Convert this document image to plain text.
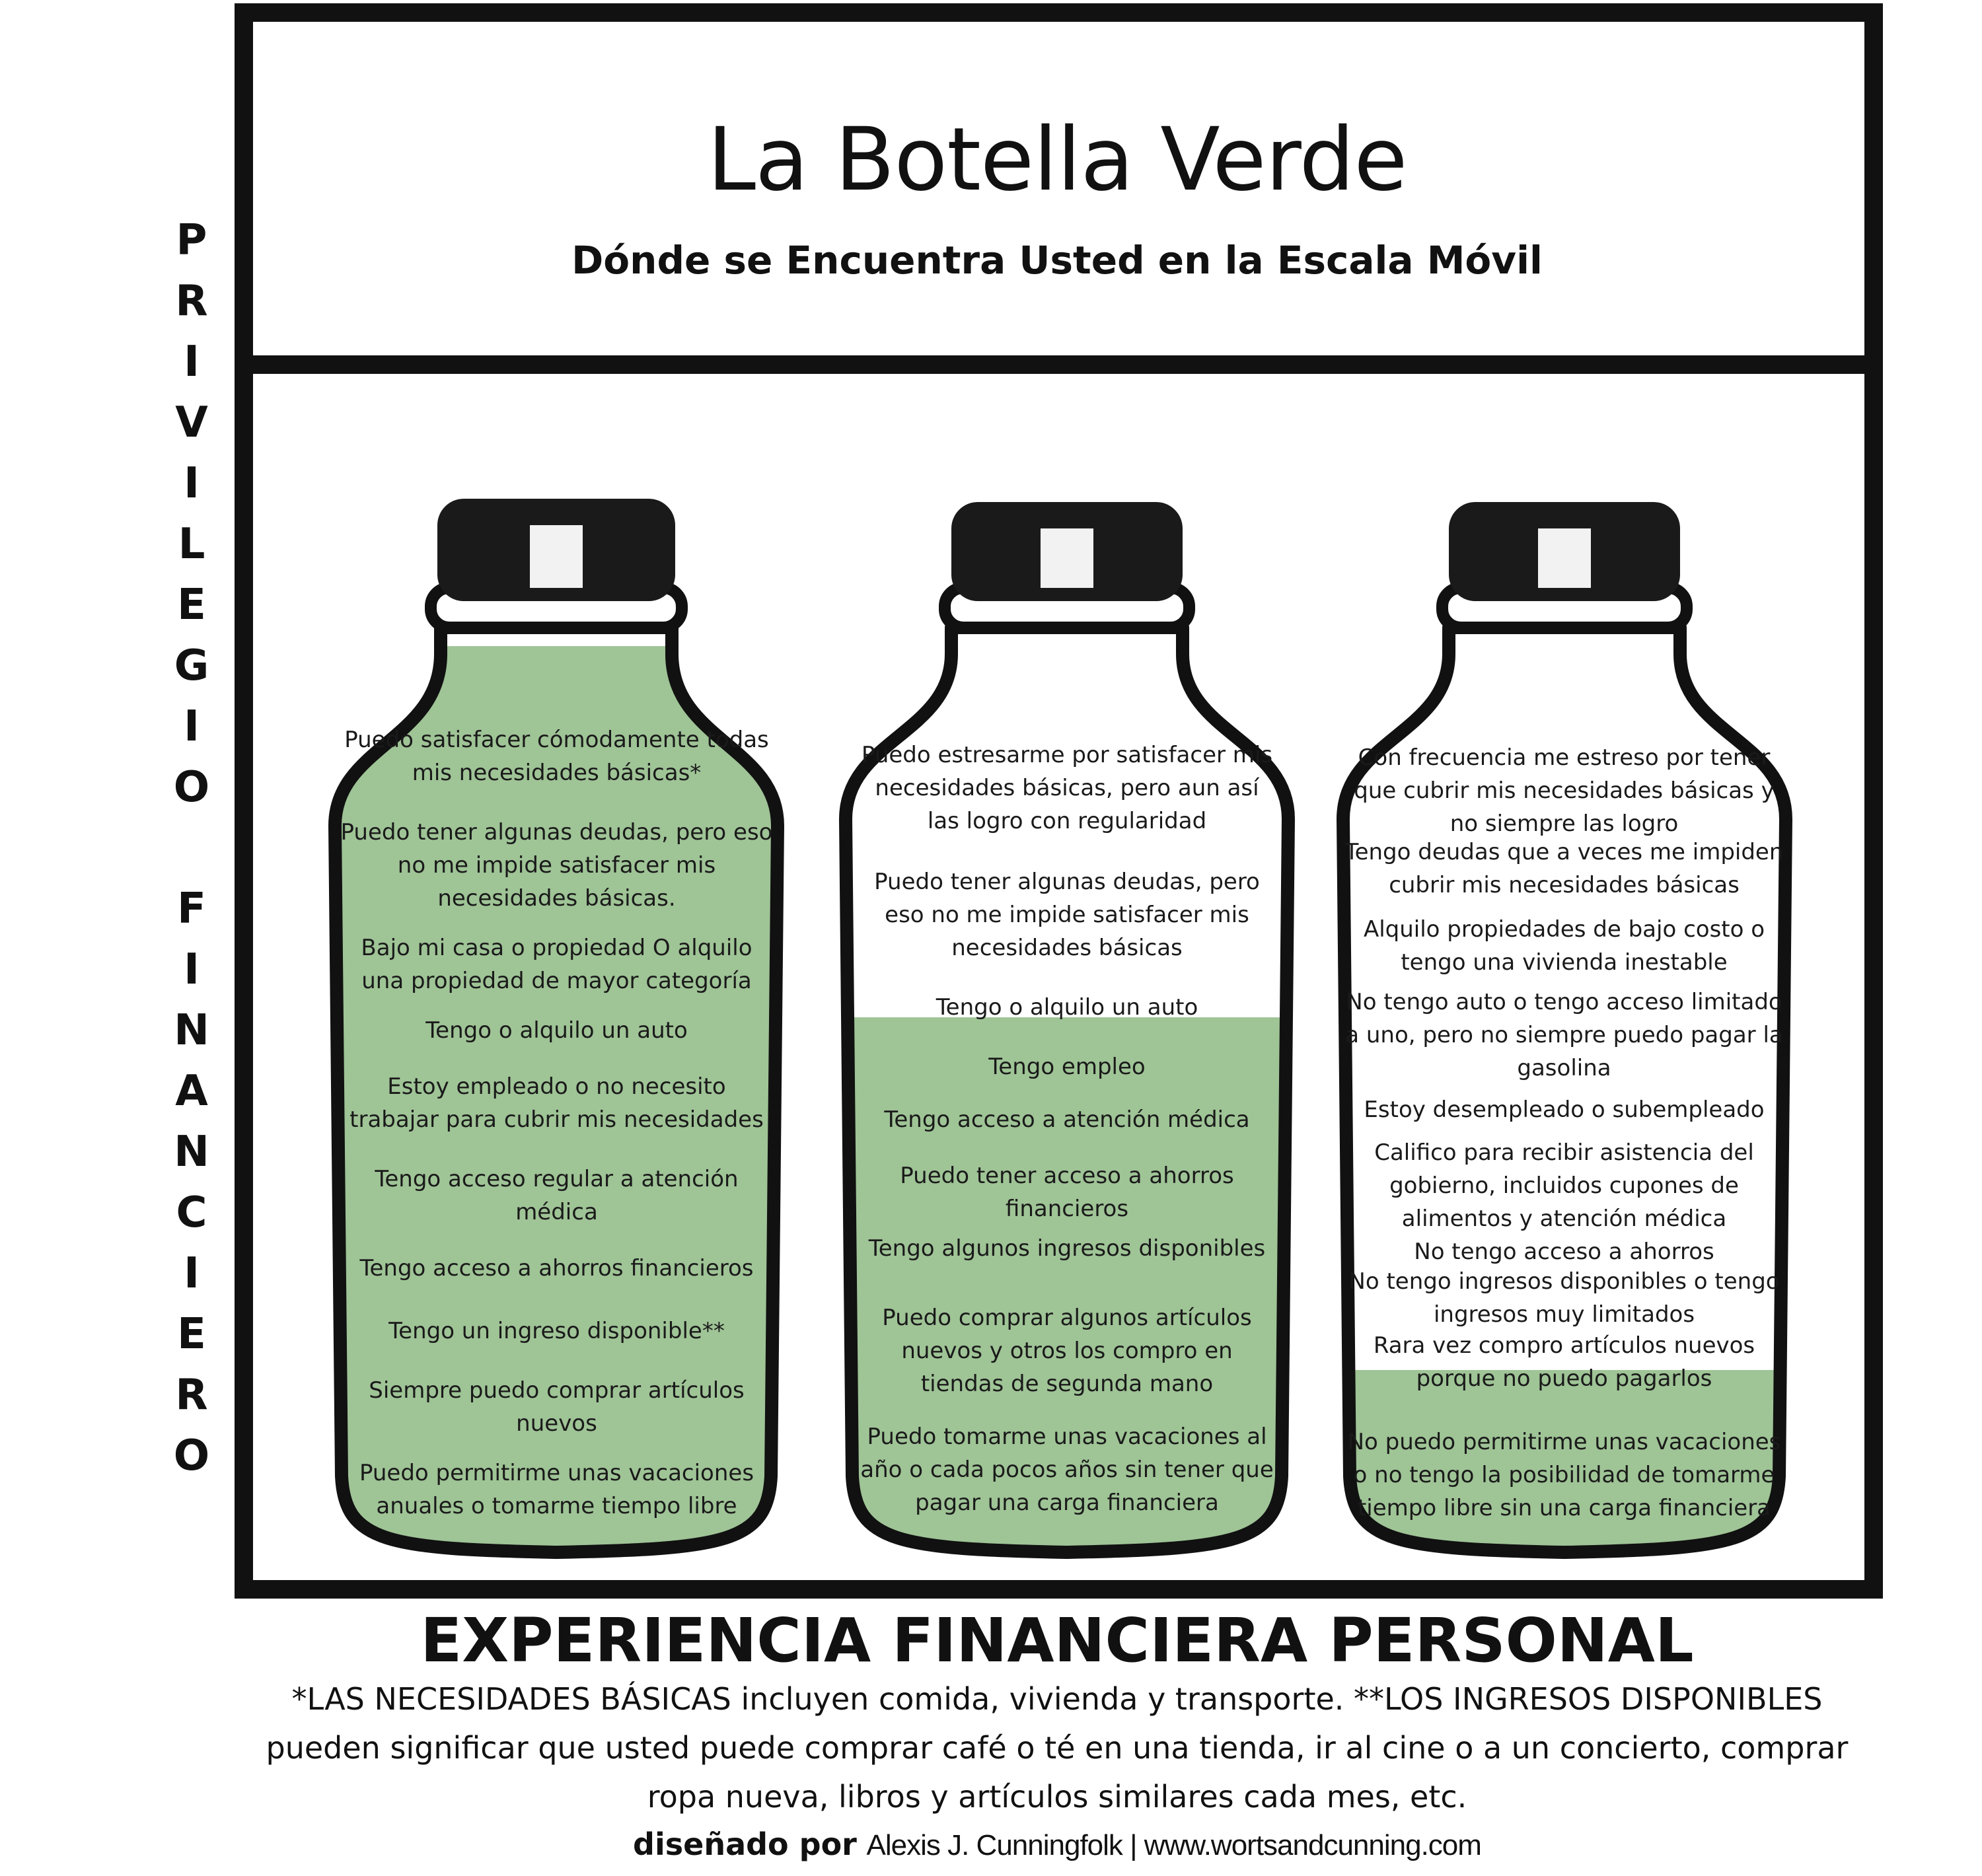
La Botella Verde
Dónde se Encuentra Usted en la Escala Móvil
P
R
I
V
I
L
E
G
I
O
F
I
N
A
N
C
I
E
R
O
Puedo satisfacer cómodamente todas mis necesidades básicas*
Puedo tener algunas deudas, pero eso no me impide satisfacer mis necesidades básicas.
Bajo mi casa o propiedad O alquilo una propiedad de mayor categoría
Tengo o alquilo un auto
Estoy empleado o no necesito trabajar para cubrir mis necesidades
Tengo acceso regular a atención médica
Tengo acceso a ahorros financieros
Tengo un ingreso disponible**
Siempre puedo comprar artículos nuevos
Puedo permitirme unas vacaciones anuales o tomarme tiempo libre
Puedo estresarme por satisfacer mis necesidades básicas, pero aun así las logro con regularidad
Puedo tener algunas deudas, pero eso no me impide satisfacer mis necesidades básicas
Tengo o alquilo un auto
Tengo empleo
Tengo acceso a atención médica
Puedo tener acceso a ahorros financieros
Tengo algunos ingresos disponibles
Puedo comprar algunos artículos nuevos y otros los compro en tiendas de segunda mano
Puedo tomarme unas vacaciones al año o cada pocos años sin tener que pagar una carga financiera
Con frecuencia me estreso por tener que cubrir mis necesidades básicas y no siempre las logro
Tengo deudas que a veces me impiden cubrir mis necesidades básicas
Alquilo propiedades de bajo costo o tengo una vivienda inestable
No tengo auto o tengo acceso limitado a uno, pero no siempre puedo pagar la gasolina
Estoy desempleado o subempleado
Califico para recibir asistencia del gobierno, incluidos cupones de alimentos y atención médica
No tengo acceso a ahorros
No tengo ingresos disponibles o tengo ingresos muy limitados
Rara vez compro artículos nuevos porque no puedo pagarlos
No puedo permitirme unas vacaciones o no tengo la posibilidad de tomarme tiempo libre sin una carga financiera
EXPERIENCIA FINANCIERA PERSONAL
*LAS NECESIDADES BÁSICAS incluyen comida, vivienda y transporte. **LOS INGRESOS DISPONIBLES pueden significar que usted puede comprar café o té en una tienda, ir al cine o a un concierto, comprar ropa nueva, libros y artículos similares cada mes, etc.
diseñado por Alexis J. Cunningfolk | www.wortsandcunning.com
